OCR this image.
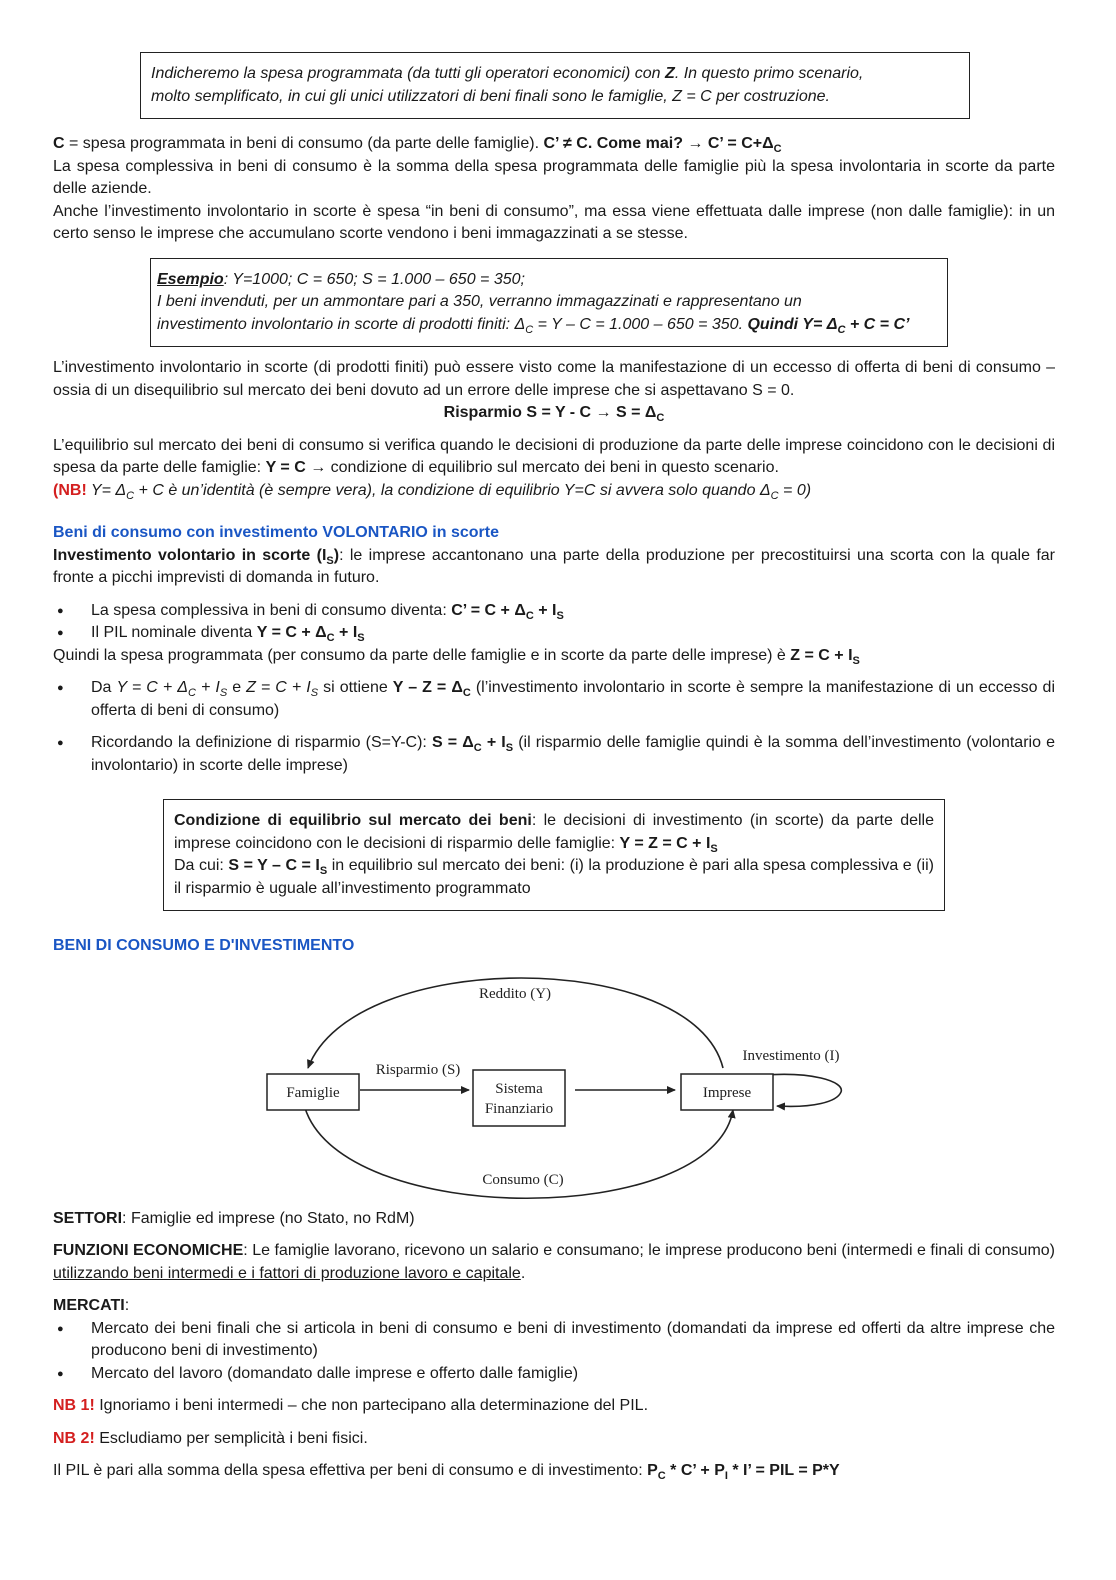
Indicheremo la spesa programmata (da tutti gli operatori economici) con Z. In questo primo scenario,

molto semplificato, in cui gli unici utilizzatori di beni finali sono le famiglie, Z = C per costruzione.

C = spesa programmata in beni di consumo (da parte delle famiglie). C’ ≠ C. Come mai? → C’ = $C+\Delta_C$

La spesa complessiva in beni di consumo è la somma della spesa programmata delle famiglie più la spesa involontaria in scorte da parte delle aziende.

Anche l’investimento involontario in scorte è spesa “in beni di consumo”, ma essa viene effettuata dalle imprese (non dalle famiglie): in un certo senso le imprese che accumulano scorte vendono i beni immagazzinati a se stesse.

Esempio: Y=1000; C = 650; S = 1.000 – 650 = 350;

I beni invenduti, per un ammontare pari a 350, verranno immagazzinati e rappresentano un

investimento involontario in scorte di prodotti finiti: $\Delta_C = Y - C = 1.000 - 650 = 350$. Quindi $Y= \Delta_C + C = C$’

L’investimento involontario in scorte (di prodotti finiti) può essere visto come la manifestazione di un eccesso di offerta di beni di consumo – ossia di un disequilibrio sul mercato dei beni dovuto ad un errore delle imprese che si aspettavano S = 0.

Risparmio $S = Y - C \to S = \Delta_C$

L’equilibrio sul mercato dei beni di consumo si verifica quando le decisioni di produzione da parte delle imprese coincidono con le decisioni di spesa da parte delle famiglie: Y = C → condizione di equilibrio sul mercato dei beni in questo scenario.

(NB! $Y= \Delta_C + C$ è un’identità (è sempre vera), la condizione di equilibrio Y=C si avvera solo quando $\Delta_C = 0$)

Beni di consumo con investimento VOLONTARIO in scorte

Investimento volontario in scorte $(I_S)$: le imprese accantonano una parte della produzione per precostituirsi una scorta con la quale far fronte a picchi imprevisti di domanda in futuro.

● La spesa complessiva in beni di consumo diventa: C’ = $C + \Delta_C + I_S$
● Il PIL nominale diventa $Y = C + \Delta_C + I_S$

Quindi la spesa programmata (per consumo da parte delle famiglie e in scorte da parte delle imprese) è $Z = C + I_S$

● Da $Y = C + \Delta_C + I_S$ e $Z = C + I_S$ si ottiene $Y - Z = \Delta_C$ (l’investimento involontario in scorte è sempre la manifestazione di un eccesso di offerta di beni di consumo)
● Ricordando la definizione di risparmio (S=Y-C): $S = \Delta_C + I_S$ (il risparmio delle famiglie quindi è la somma dell’investimento (volontario e involontario) in scorte delle imprese)

Condizione di equilibrio sul mercato dei beni: le decisioni di investimento (in scorte) da parte delle imprese coincidono con le decisioni di risparmio delle famiglie: $Y = Z = C + I_S$

Da cui: $S = Y - C = I_S$ in equilibrio sul mercato dei beni: (i) la produzione è pari alla spesa complessiva e (ii) il risparmio è uguale all’investimento programmato

BENI DI CONSUMO E D'INVESTIMENTO

Famiglie	Sistema
Finanziario
Imprese
Reddito (Y)
Risparmio (S)
Investimento (I)
Consumo (C)

SETTORI: Famiglie ed imprese (no Stato, no RdM)

FUNZIONI ECONOMICHE: Le famiglie lavorano, ricevono un salario e consumano; le imprese producono beni (intermedi e finali di consumo) utilizzando beni intermedi e i fattori di produzione lavoro e capitale.

MERCATI:

● Mercato dei beni finali che si articola in beni di consumo e beni di investimento (domandati da imprese ed offerti da altre imprese che producono beni di investimento)
● Mercato del lavoro (domandato dalle imprese e offerto dalle famiglie)

NB 1! Ignoriamo i beni intermedi – che non partecipano alla determinazione del PIL.

NB 2! Escludiamo per semplicità i beni fisici.

Il PIL è pari alla somma della spesa effettiva per beni di consumo e di investimento: $P_C$ * C’ + $P_I$ * I’ = PIL = P*Y
